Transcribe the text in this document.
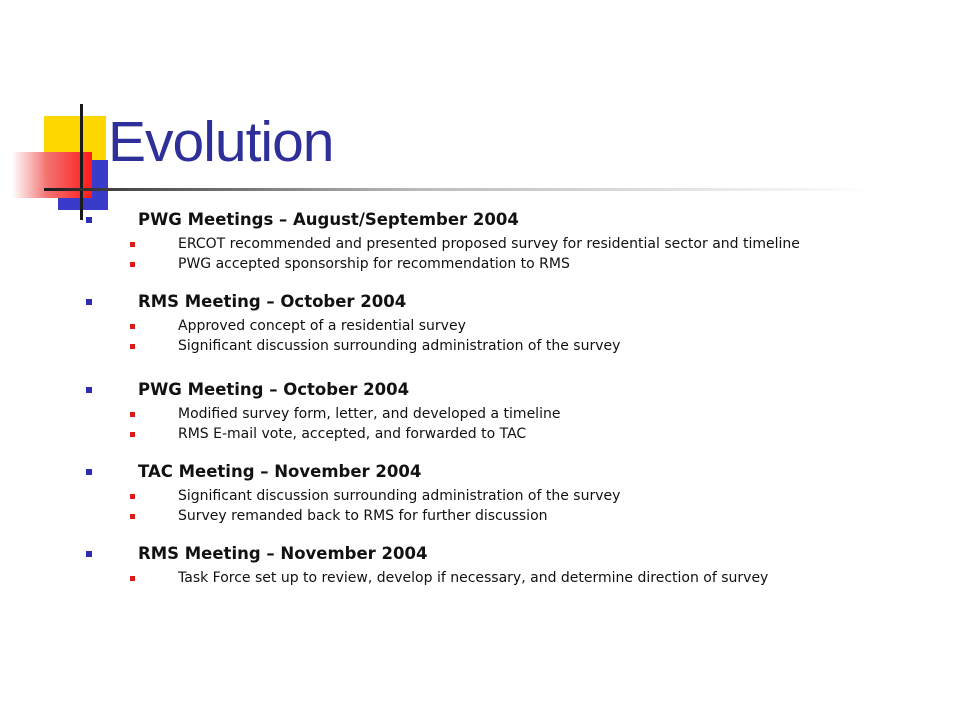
Evolution
PWG Meetings – August/September 2004
ERCOT recommended and presented proposed survey for residential sector and timeline
PWG accepted sponsorship for recommendation to RMS
RMS Meeting – October 2004
Approved concept of a residential survey
Significant discussion surrounding administration of the survey
PWG Meeting – October 2004
Modified survey form, letter, and developed a timeline
RMS E-mail vote, accepted, and forwarded to TAC
TAC Meeting – November 2004
Significant discussion surrounding administration of the survey
Survey remanded back to RMS for further discussion
RMS Meeting – November 2004
Task Force set up to review, develop if necessary, and determine direction of survey
